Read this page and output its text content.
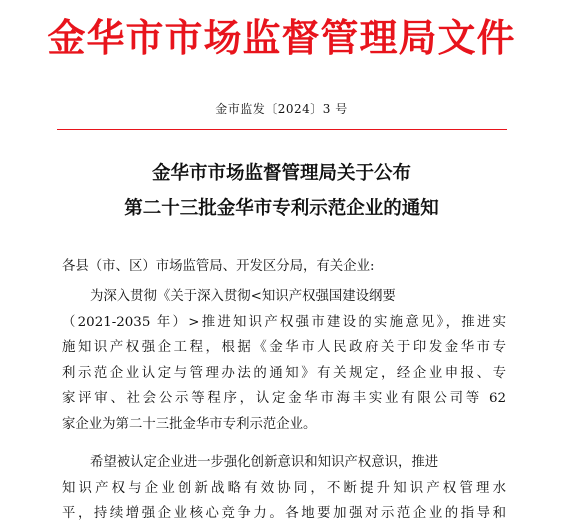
金华市市场监督管理局文件
金市监发〔2024〕3 号
金华市市场监督管理局关于公布
第二十三批金华市专利示范企业的通知
各县（市、区）市场监管局、开发区分局，有关企业:
为深入贯彻《关于深入贯彻<知识产权强国建设纲要
（2021-2035 年）>推进知识产权强市建设的实施意见》，推进实
施知识产权强企工程，根据《金华市人民政府关于印发金华市专
利示范企业认定与管理办法的通知》有关规定，经企业申报、专
家评审、社会公示等程序，认定金华市海丰实业有限公司等 62
家企业为第二十三批金华市专利示范企业。
希望被认定企业进一步强化创新意识和知识产权意识，推进
知识产权与企业创新战略有效协同，不断提升知识产权管理水
平，持续增强企业核心竞争力。各地要加强对示范企业的指导和
